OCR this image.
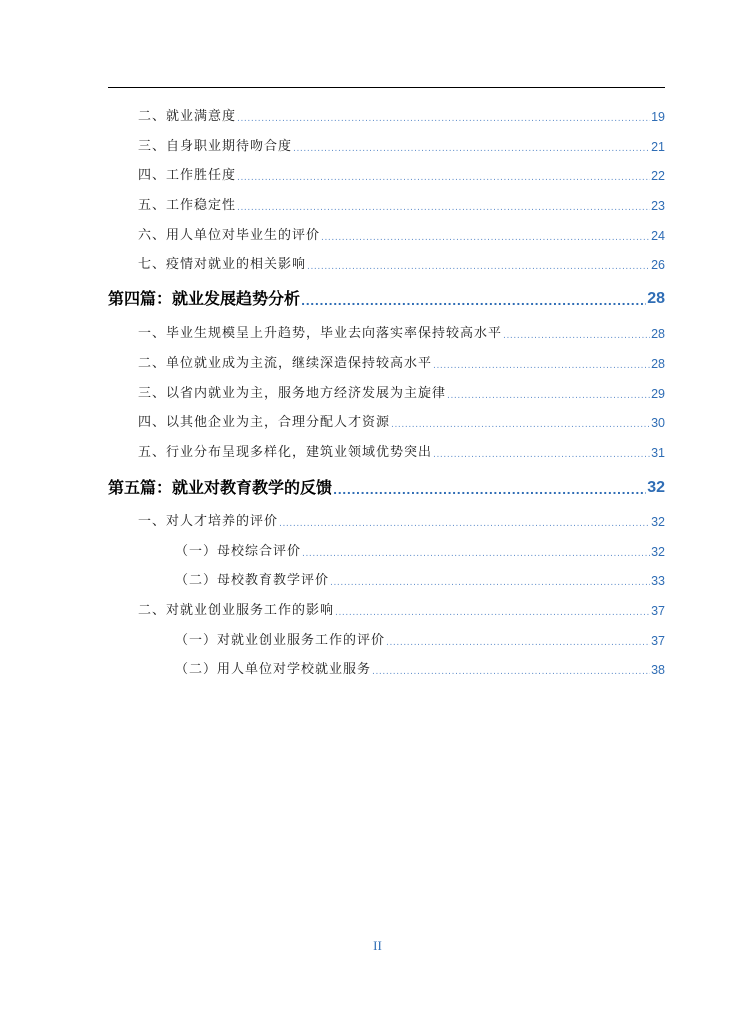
二、就业满意度 .....	19
三、自身职业期待吻合度 .....	21
四、工作胜任度 .....	22
五、工作稳定性 .....	23
六、用人单位对毕业生的评价 .....	24
七、疫情对就业的相关影响 .....	26
第四篇：就业发展趋势分析 .....	28
一、毕业生规模呈上升趋势，毕业去向落实率保持较高水平 .....	28
二、单位就业成为主流，继续深造保持较高水平 .....	28
三、以省内就业为主，服务地方经济发展为主旋律 .....	29
四、以其他企业为主，合理分配人才资源 .....	30
五、行业分布呈现多样化，建筑业领域优势突出 .....	31
第五篇：就业对教育教学的反馈 .....	32
一、对人才培养的评价 .....	32
（一）母校综合评价 .....	32
（二）母校教育教学评价 .....	33
二、对就业创业服务工作的影响 .....	37
（一）对就业创业服务工作的评价 .....	37
（二）用人单位对学校就业服务 .....	38
II
